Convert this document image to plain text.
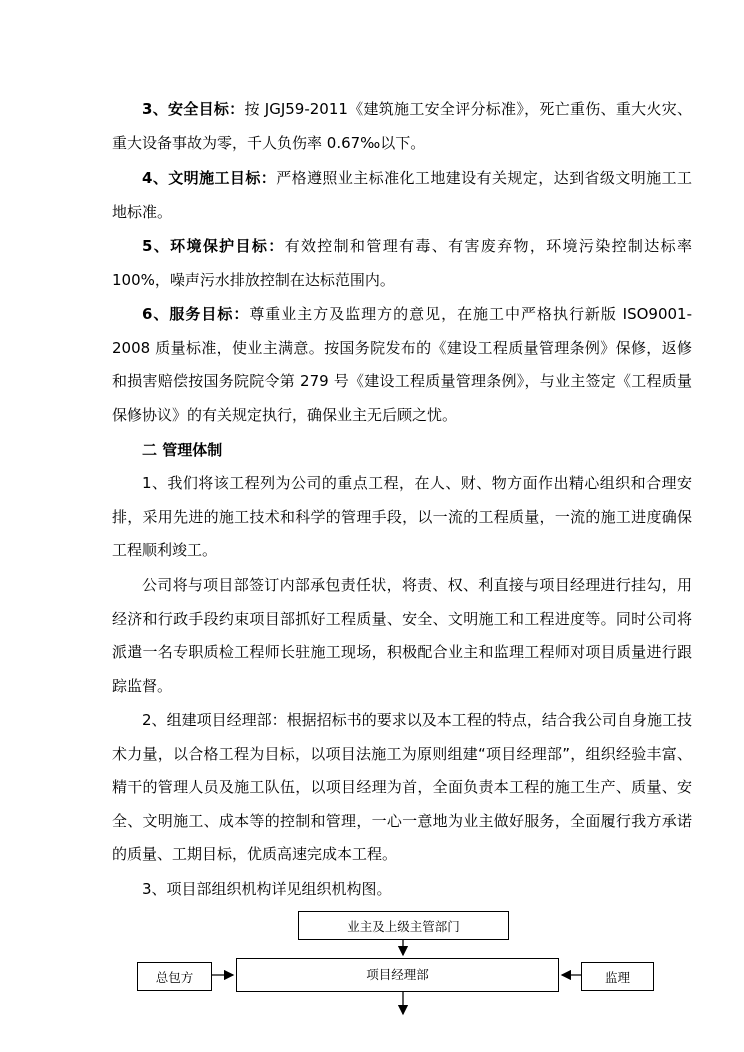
3、安全目标：按 JGJ59-2011《建筑施工安全评分标准》，死亡重伤、重大火灾、重大设备事故为零，千人负伤率 0.67‰以下。

4、文明施工目标：严格遵照业主标准化工地建设有关规定，达到省级文明施工工地标准。

5、环境保护目标：有效控制和管理有毒、有害废弃物，环境污染控制达标率 100%，噪声污水排放控制在达标范围内。

6、服务目标：尊重业主方及监理方的意见，在施工中严格执行新版 ISO9001-2008 质量标准，使业主满意。按国务院发布的《建设工程质量管理条例》保修，返修和损害赔偿按国务院院令第 279 号《建设工程质量管理条例》，与业主签定《工程质量保修协议》的有关规定执行，确保业主无后顾之忧。

二 管理体制

1、我们将该工程列为公司的重点工程，在人、财、物方面作出精心组织和合理安排，采用先进的施工技术和科学的管理手段，以一流的工程质量，一流的施工进度确保工程顺利竣工。

公司将与项目部签订内部承包责任状，将责、权、利直接与项目经理进行挂勾，用经济和行政手段约束项目部抓好工程质量、安全、文明施工和工程进度等。同时公司将派遣一名专职质检工程师长驻施工现场，积极配合业主和监理工程师对项目质量进行跟踪监督。

2、组建项目经理部：根据招标书的要求以及本工程的特点，结合我公司自身施工技术力量，以合格工程为目标，以项目法施工为原则组建“项目经理部”，组织经验丰富、精干的管理人员及施工队伍，以项目经理为首，全面负责本工程的施工生产、质量、安全、文明施工、成本等的控制和管理，一心一意地为业主做好服务，全面履行我方承诺的质量、工期目标，优质高速完成本工程。

3、项目部组织机构详见组织机构图。

业主及上级主管部门
项目经理部
总包方	监理
